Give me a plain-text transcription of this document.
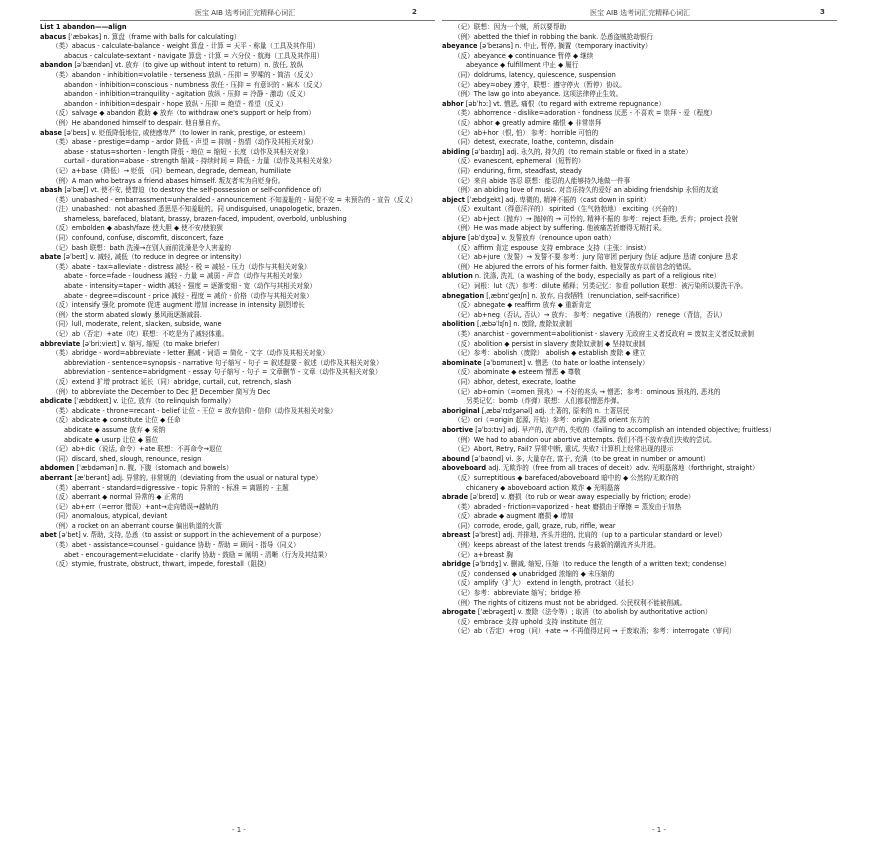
医宝 AIB 选考词汇完精释心词汇	2	医宝 AIB 选考词汇完精释心词汇	3

List 1 abandon——align

abacus [ˈæbəkəs] n. 算盘（frame with balls for calculating）

（类）abacus - calculate-balance - weight 算盘 - 计算 = 天平 - 称量（工具及其作用）

abacus - calculate-sextant - navigate 算盘 - 计算 = 六分仪 - 航海（工具及其作用）

abandon [əˈbændən] vt. 放弃（to give up without intent to return）n. 放任, 放纵

（类）abandon - inhibition=volatile - terseness 放纵 - 压抑 = 罗嗦的 - 简洁（反义）

abandon - inhibition=conscious - numbness 放任 - 压抑 = 有意识的 - 麻木（反义）

abandon - inhibition=tranquility - agitation 放纵 - 压抑 = 冷静 - 激动（反义）

abandon - inhibition=despair - hope 放纵 - 压抑 = 绝望 - 希望（反义）

（反）salvage ◆ abandon 救助 ◆ 放弃（to withdraw one's support or help from）

（例）He abandoned himself to despair. 他自暴自弃。

abase [əˈbeɪs] v. 贬低降低地位, 或使感卑严（to lower in rank, prestige, or esteem）

（类）abase - prestige=damp - ardor 降低 - 声望 = 抑制 - 热情（动作及其相关对象）

abase - status=shorten - length 降低 - 地位 = 缩短 - 长度（动作及其相关对象）

curtail - duration=abase - strength 缩减 - 持续时间 = 降低 - 力量（动作及其相关对象）

（记）a+base（降低）→ 贬低 （同）bemean, degrade, demean, humiliate

（例）A man who betrays a friend abases himself. 叛友者实为自贬身份。

abash [əˈbæʃ] vt. 使不安, 使窘迫（to destroy the self-possession or self-confidence of）

（类）unabashed - embarrassment=unheralded - announcement 不知羞耻的 - 局促不安 = 未预告的 - 宣告（反义）

（注）unabashed：not abashed 悉思是不知羞耻的。同 undisguised, unapologetic, brazen.

shameless, barefaced, blatant, brassy, brazen-faced, impudent, overbold, unblushing

（反）embolden ◆ abash/faze 使大胆 ◆ 使不安/使狼狈

（同）confound, confuse, discomfit, disconcert, faze

（记）bash 联想：bath 洗澡→在别人面前洗澡是令人害羞的

abate [əˈbeɪt] v. 减轻, 减低（to reduce in degree or intensity）

（类）abate - tax=alleviate - distress 减轻 - 税 = 减轻 - 压力（动作与其相关对象）

abate - force=fade - loudness 减轻 - 力量 = 减弱 - 声音（动作与其相关对象）

abate - intensity=taper - width 减轻 - 强度 = 逐渐变细 - 宽（动作与其相关对象）

abate - degree=discount - price 减轻 - 程度 = 减价 - 价格（动作与其相关对象）

（反）intensify 强化 promote 促进 augment 增加 increase in intensity 剧烈增长

（例）the storm abated slowly 暴风雨逐渐减弱.

（同）lull, moderate, relent, slacken, subside, wane

（记）ab（否定）+ate（吃）联想：不吃是为了减轻体重。

abbreviate [əˈbriːvieɪt] v. 缩写, 缩短（to make briefer）

（类）abridge - word=abbreviate - letter 删减 - 词语 = 简化 - 文字（动作及其相关对象）

abbreviation - sentence=synopsis - narrative 句子缩写 - 句子 = 叙述提要 - 叙述（动作及其相关对象）

abbreviation - sentence=abridgment - essay 句子缩写 - 句子 = 文章删节 - 文章（动作及其相关对象）

（反）extend 扩增 protract 延长（同）abridge, curtail, cut, retrench, slash

（例）to abbreviate the December to Dec 把 December 简写为 Dec

abdicate [ˈæbdɪkeɪt] v. 让位, 放弃（to relinquish formally）

（类）abdicate - throne=recant - belief 让位 - 王位 = 放弃信仰 - 信仰（动作及其相关对象）

（反）abdicate ◆ constitute 让位 ◆ 任命

abdicate ◆ assume 放弃 ◆ 采纳

abdicate ◆ usurp 让位 ◆ 篡位

（记）ab+dic（说话, 命令）+ate 联想：不再命令→退位

（同）discard, shed, slough, renounce, resign

abdomen [ˈæbdəmən] n. 腹, 下腹（stomach and bowels）

aberrant [æˈberənt] adj. 异常的, 非常规的（deviating from the usual or natural type）

（类）aberrant - standard=digressive - topic 异常的 - 标准 = 离题的 - 主题

（反）aberrant ◆ normal 异常的 ◆ 正常的

（记）ab+err（=error 错误）+ant→走向错误→越轨的

（同）anomalous, atypical, deviant

（例）a rocket on an aberrant course 偏出轨道的火箭

abet [əˈbet] v. 帮助, 支持, 怂恿（to assist or support in the achievement of a purpose）

（类）abet - assistance=counsel - guidance 协助 - 帮助 = 顾问 - 指导（同义）

abet - encouragement=elucidate - clarify 协助 - 鼓励 = 阐明 - 清晰（行为及其结果）

（反）stymie, frustrate, obstruct, thwart, impede, forestall（阻挠）

（记）联想：因为一个贼，所以要帮助

（例）abetted the thief in robbing the bank. 怂恿盗贼抢劫银行

abeyance [əˈbeɪəns] n. 中止, 暂停, 搁置（temporary inactivity）

（反）abeyance ◆ continuance 暂停 ◆ 继续

abeyance ◆ fulfillment 中止 ◆ 履行

（同）doldrums, latency, quiescence, suspension

（记）abey=obey 遵守，联想：遵守停火（暂停）协议。

（例）The law go into abeyance. 这项法律停止生效。

abhor [əbˈhɔː] vt. 憎恶, 痛恨（to regard with extreme repugnance）

（类）abhorrence - dislike=adoration - fondness 厌恶 - 不喜欢 = 崇拜 - 爱（程度）

（反）abhor ◆ greatly admire 痛恨 ◆ 非常崇拜

（记）ab+hor（恨, 怕） 参考：horrible 可怕的

（同）detest, execrate, loathe, contemn, disdain

abiding [əˈbaɪdɪŋ] adj. 永久的, 持久的（to remain stable or fixed in a state）

（反）evanescent, ephemeral（短暂的）

（同）enduring, firm, steadfast, steady

（记）来自 abide 容忍 联想：能忍的人能够持久地做一件事

（例）an abiding love of music. 对音乐持久的爱好 an abiding friendship 永恒的友谊

abject [ˈæbdʒekt] adj. 卑微的, 精神不振的（cast down in spirit）

（反）exultant（得意洋洋的） spirited（生气勃勃地） exciting（兴奋的）

（记）ab+ject（抛弃）→ 抛掉的 → 可怜的, 精神不振的 参考：reject 拒绝, 丢弃；project 投射

（例）He was made abject by suffering. 他被痛苦折磨得无精打采。

abjure [əbˈdʒʊə] v. 发誓放弃（renounce upon oath）

（反）affirm 肯定 espouse 支持 embrace 支持（主张：insist）

（记）ab+jure（发誓）→ 发誓不要 参考：jury 陪审团 perjury 伪证 adjure 恳请 conjure 恳求

（例）He abjured the errors of his former faith. 他发誓放弃以前信念的错误。

ablution n. 洗涤, 洗礼（a washing of the body, especially as part of a religious rite）

（记）词根：lut（洗）参考：dilute 稀释；另类记忆：参看 pollution 联想：被污染所以要洗干净。

abnegation [ˌæbnɪˈɡeɪʃn] n. 放弃, 自我牺牲（renunciation, self-sacrifice）

（反）abnegate ◆ reaffirm 放弃 ◆ 重新肯定

（记）ab+neg（否认, 否认）→ 放弃； 参考：negative（消极的） renege（背信，否认）

abolition [ˌæbəˈlɪʃn] n. 废除, 废除奴隶制

（类）anarchist - government=abolitionist - slavery 无政府主义者反政府 = 废奴主义者反奴隶制

（反）abolition ◆ persist in slavery 废除奴隶制 ◆ 坚持奴隶制

（记）参考：abolish（废除） abolish ◆ establish 废除 ◆ 建立

abominate [əˈbɒmɪneɪt] v. 憎恶（to hate or loathe intensely）

（反）abominate ◆ esteem 憎恶 ◆ 尊敬

（同）abhor, detest, execrate, loathe

（记）ab+omin（=omen 预兆）→ 不好的兆头 → 憎恶；参考：ominous 预兆的, 恶兆的

另类记忆：bomb（炸弹）联想：人们都很憎恶炸弹。

aboriginal [ˌæbəˈrɪdʒənəl] adj. 土著的, 原来的 n. 土著居民

（记）ori（=origin 起源, 开始）参考：origin 起源 orient 东方的

abortive [əˈbɔːtɪv] adj. 早产的, 流产的, 失败的（failing to accomplish an intended objective; fruitless）

（例）We had to abandon our abortive attempts. 我们不得不放弃我们失败的尝试。

（记）Abort, Retry, Fail? 异常中断, 重试, 失败? 计算机上经常出现的提示

abound [əˈbaʊnd] vi. 多, 大量存在, 富于, 充满（to be great in number or amount）

aboveboard adj. 无欺诈的（free from all traces of deceit）adv. 光明磊落地（forthright, straight）

（反）surreptitious ◆ barefaced/aboveboard 暗中的 ◆ 公然的/无欺诈的

chicanery ◆ aboveboard action 欺诈 ◆ 光明磊落

abrade [əˈbreɪd] v. 磨损（to rub or wear away especially by friction; erode）

（类）abraded - friction=vaporized - heat 磨损由于摩擦 = 蒸发由于加热

（反）abrade ◆ augment 磨损 ◆ 增加

（同）corrode, erode, gall, graze, rub, riffle, wear

abreast [əˈbrest] adj. 并排地, 齐头并进的, 比肩的（up to a particular standard or level）

（例）keeps abreast of the latest trends 与最新的潮流齐头并进。

（记）a+breast 胸

abridge [əˈbrɪdʒ] v. 删减, 缩短, 压缩（to reduce the length of a written text; condense）

（反）condensed ◆ unabridged 浓缩的 ◆ 未压缩的

（反）amplify（扩大） extend in length, protract（延长）

（记）参考：abbreviate 缩写；bridge 桥

（例）The rights of citizens must not be abridged. 公民权利不能被削减。

abrogate [ˈæbrəɡeɪt] v. 废除（法令等）; 取消（to abolish by authoritative action）

（反）embrace 支持 uphold 支持 institute 创立

（记）ab（否定）+rog（问）+ate → 不再值得过问 → 于废取消；参考：interrogate（审问）

- 1 -	- 1 -
